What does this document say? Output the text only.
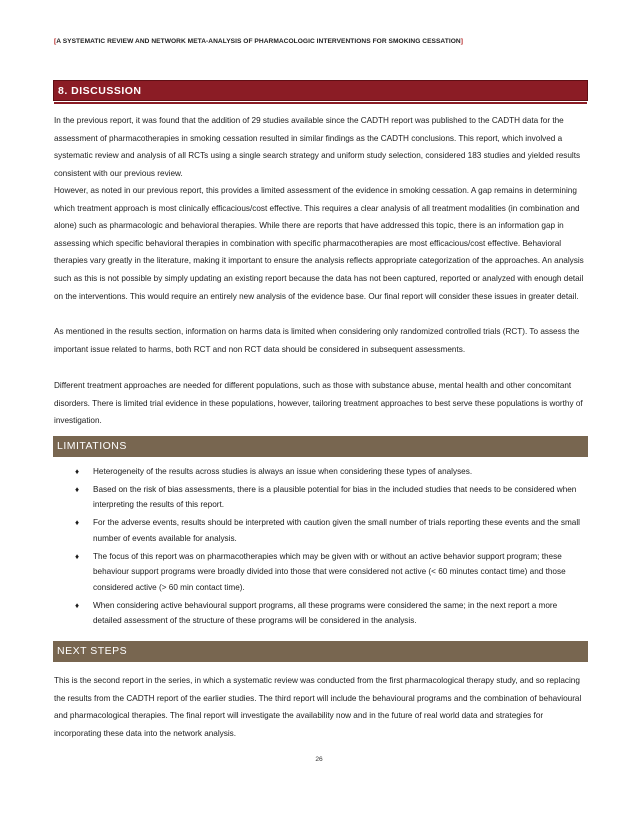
[A SYSTEMATIC REVIEW AND NETWORK META-ANALYSIS OF PHARMACOLOGIC INTERVENTIONS FOR SMOKING CESSATION]
8. DISCUSSION

In the previous report, it was found that the addition of 29 studies available since the CADTH report was published to the CADTH data for the assessment of pharmacotherapies in smoking cessation resulted in similar findings as the CADTH conclusions. This report, which involved a systematic review and analysis of all RCTs using a single search strategy and uniform study selection, considered 183 studies and yielded results consistent with our previous review.

However, as noted in our previous report, this provides a limited assessment of the evidence in smoking cessation. A gap remains in determining which treatment approach is most clinically efficacious/cost effective. This requires a clear analysis of all treatment modalities (in combination and alone) such as pharmacologic and behavioral therapies. While there are reports that have addressed this topic, there is an information gap in assessing which specific behavioral therapies in combination with specific pharmacotherapies are most efficacious/cost effective. Behavioral therapies vary greatly in the literature, making it important to ensure the analysis reflects appropriate categorization of the approaches. An analysis such as this is not possible by simply updating an existing report because the data has not been captured, reported or analyzed with enough detail on the interventions. This would require an entirely new analysis of the evidence base. Our final report will consider these issues in greater detail.

As mentioned in the results section, information on harms data is limited when considering only randomized controlled trials (RCT). To assess the important issue related to harms, both RCT and non RCT data should be considered in subsequent assessments.

Different treatment approaches are needed for different populations, such as those with substance abuse, mental health and other concomitant disorders. There is limited trial evidence in these populations, however, tailoring treatment approaches to best serve these populations is worthy of investigation.

LIMITATIONS
♦ Heterogeneity of the results across studies is always an issue when considering these types of analyses.
♦ Based on the risk of bias assessments, there is a plausible potential for bias in the included studies that needs to be considered when interpreting the results of this report.
♦ For the adverse events, results should be interpreted with caution given the small number of trials reporting these events and the small number of events available for analysis.
♦ The focus of this report was on pharmacotherapies which may be given with or without an active behavior support program; these behaviour support programs were broadly divided into those that were considered not active (< 60 minutes contact time) and those considered active (> 60 min contact time).
♦ When considering active behavioural support programs, all these programs were considered the same; in the next report a more detailed assessment of the structure of these programs will be considered in the analysis.
NEXT STEPS

This is the second report in the series, in which a systematic review was conducted from the first pharmacological therapy study, and so replacing the results from the CADTH report of the earlier studies. The third report will include the behavioural programs and the combination of behavioural and pharmacological therapies. The final report will investigate the availability now and in the future of real world data and strategies for incorporating these data into the network analysis.

26
